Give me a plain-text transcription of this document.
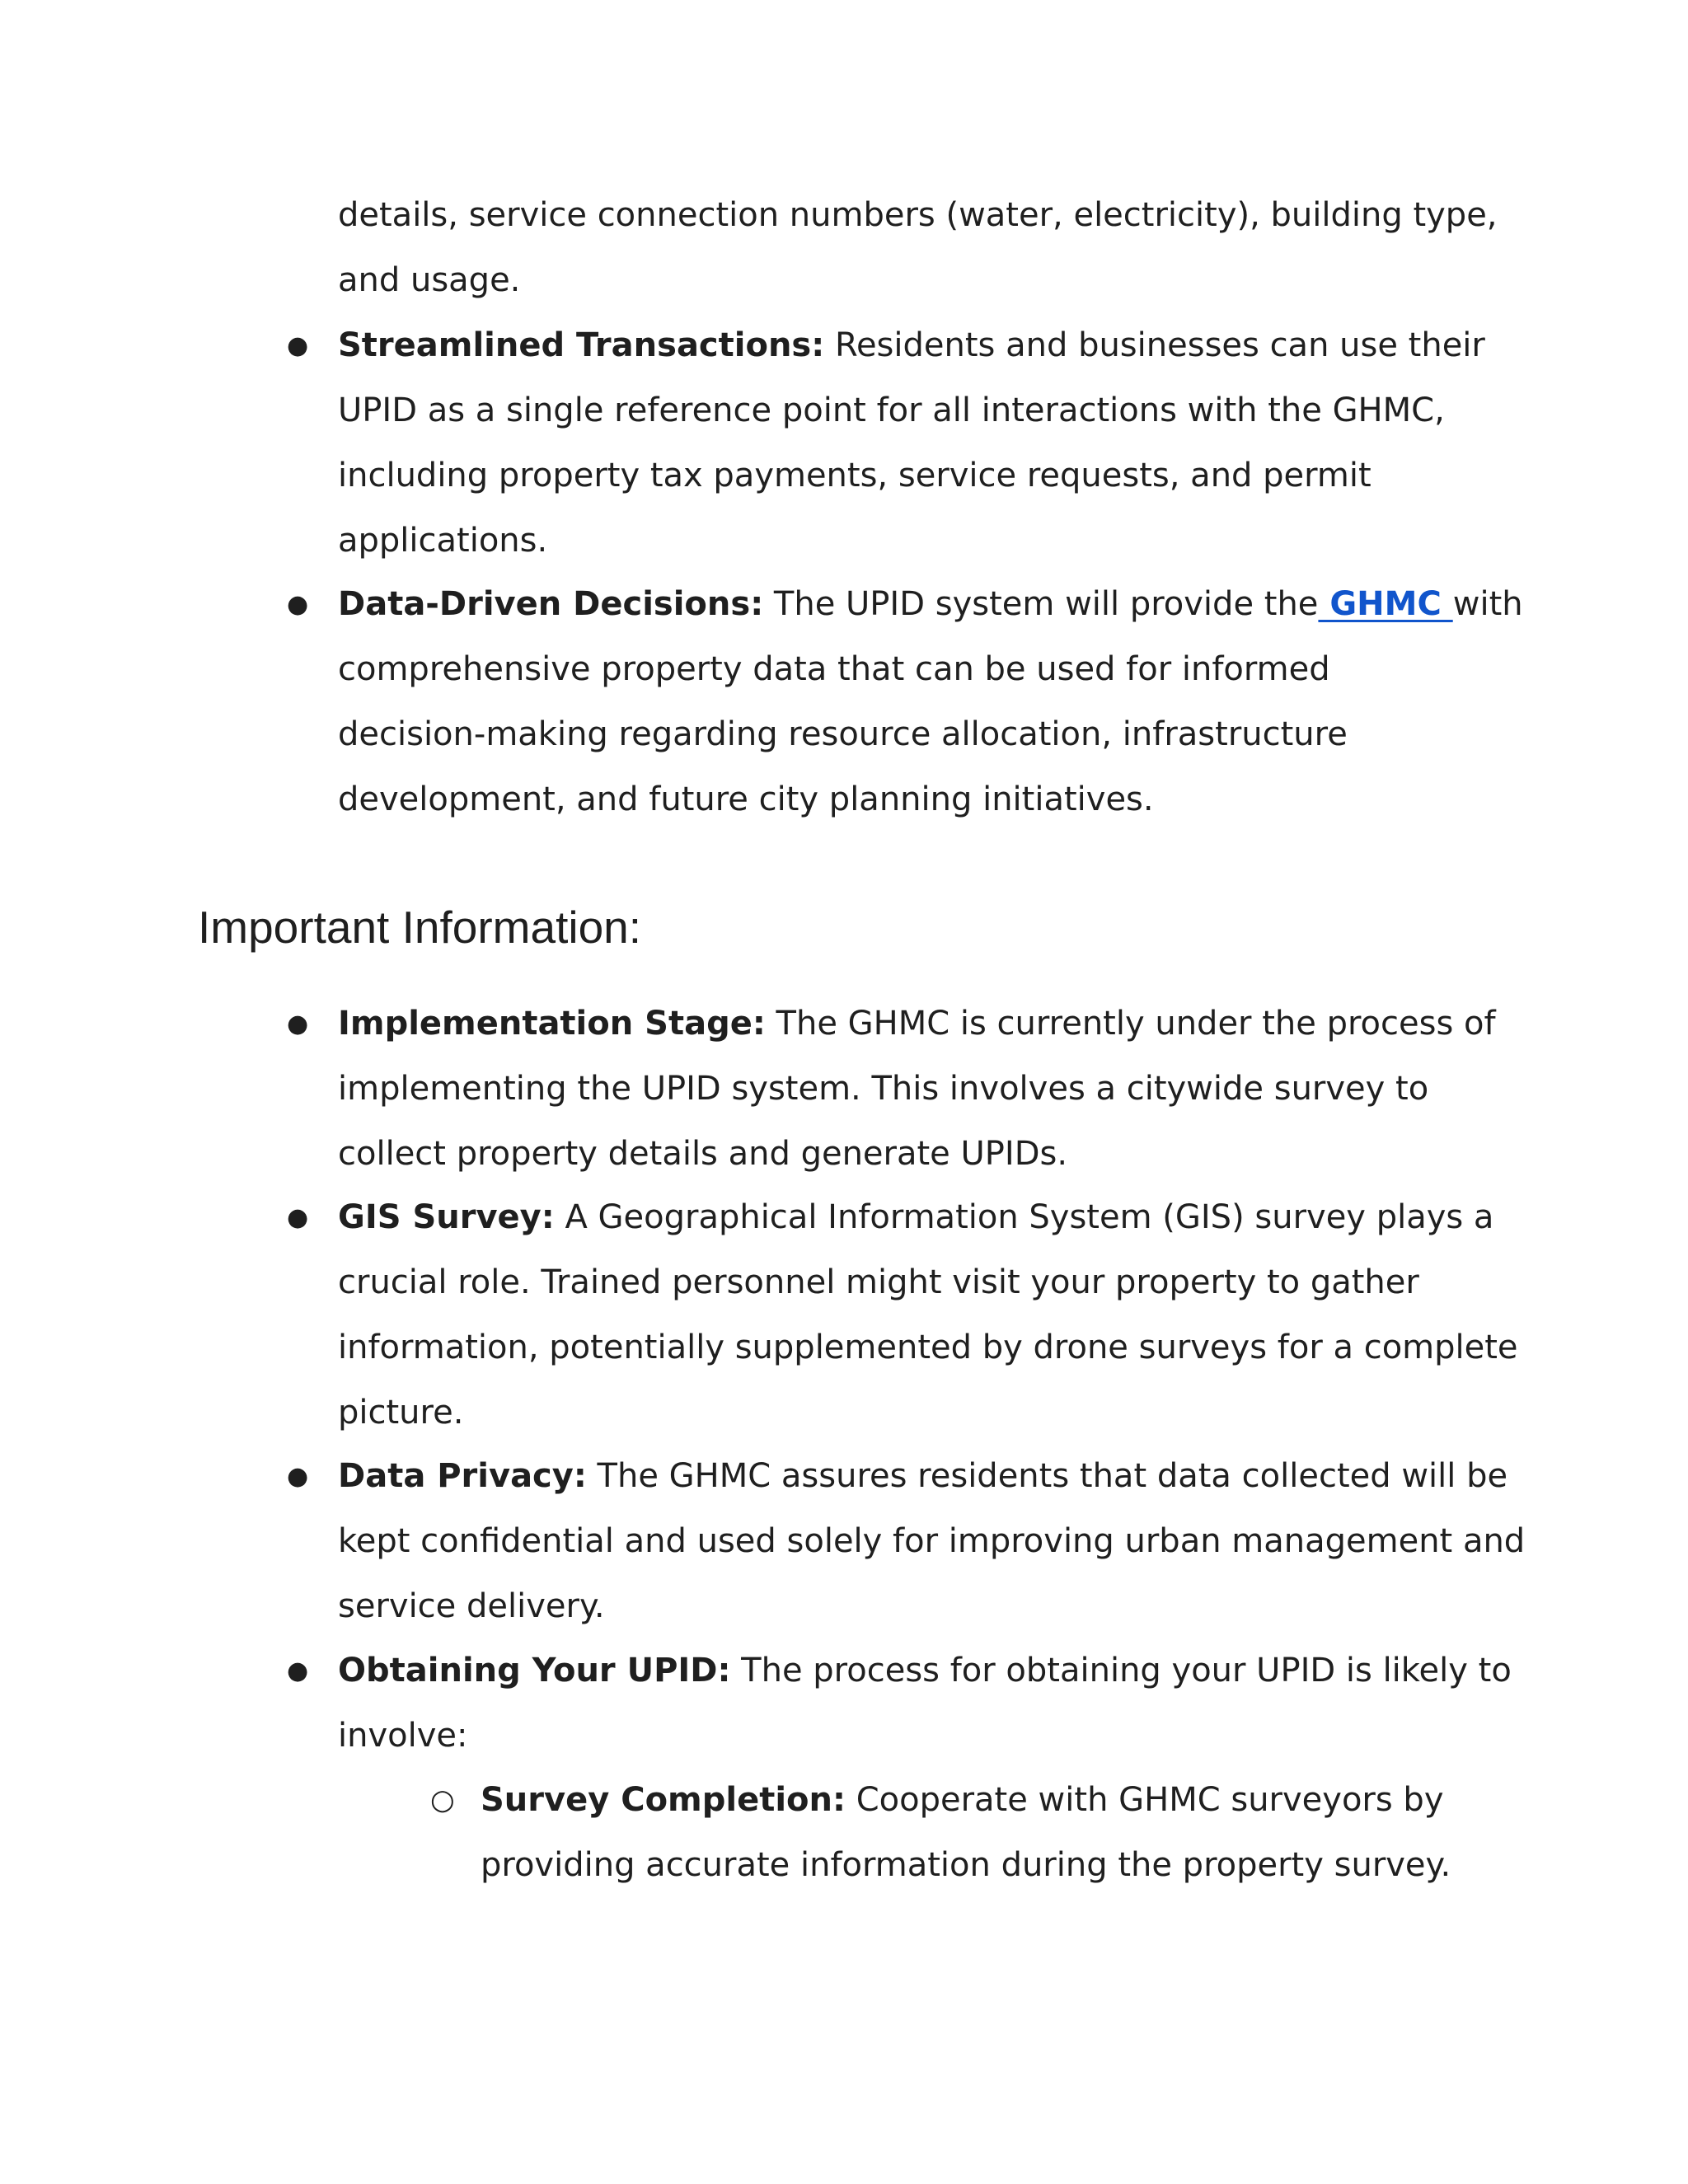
details, service connection numbers (water, electricity), building type,
and usage.

● Streamlined Transactions: Residents and businesses can use their
UPID as a single reference point for all interactions with the GHMC,
including property tax payments, service requests, and permit
applications.

● Data-Driven Decisions: The UPID system will provide the GHMC with
comprehensive property data that can be used for informed
decision-making regarding resource allocation, infrastructure
development, and future city planning initiatives.

Important Information:
● Implementation Stage: The GHMC is currently under the process of
implementing the UPID system. This involves a citywide survey to
collect property details and generate UPIDs.

● GIS Survey: A Geographical Information System (GIS) survey plays a
crucial role. Trained personnel might visit your property to gather
information, potentially supplemented by drone surveys for a complete
picture.

● Data Privacy: The GHMC assures residents that data collected will be
kept confidential and used solely for improving urban management and
service delivery.

● Obtaining Your UPID: The process for obtaining your UPID is likely to
involve:

○ Survey Completion: Cooperate with GHMC surveyors by
providing accurate information during the property survey.
